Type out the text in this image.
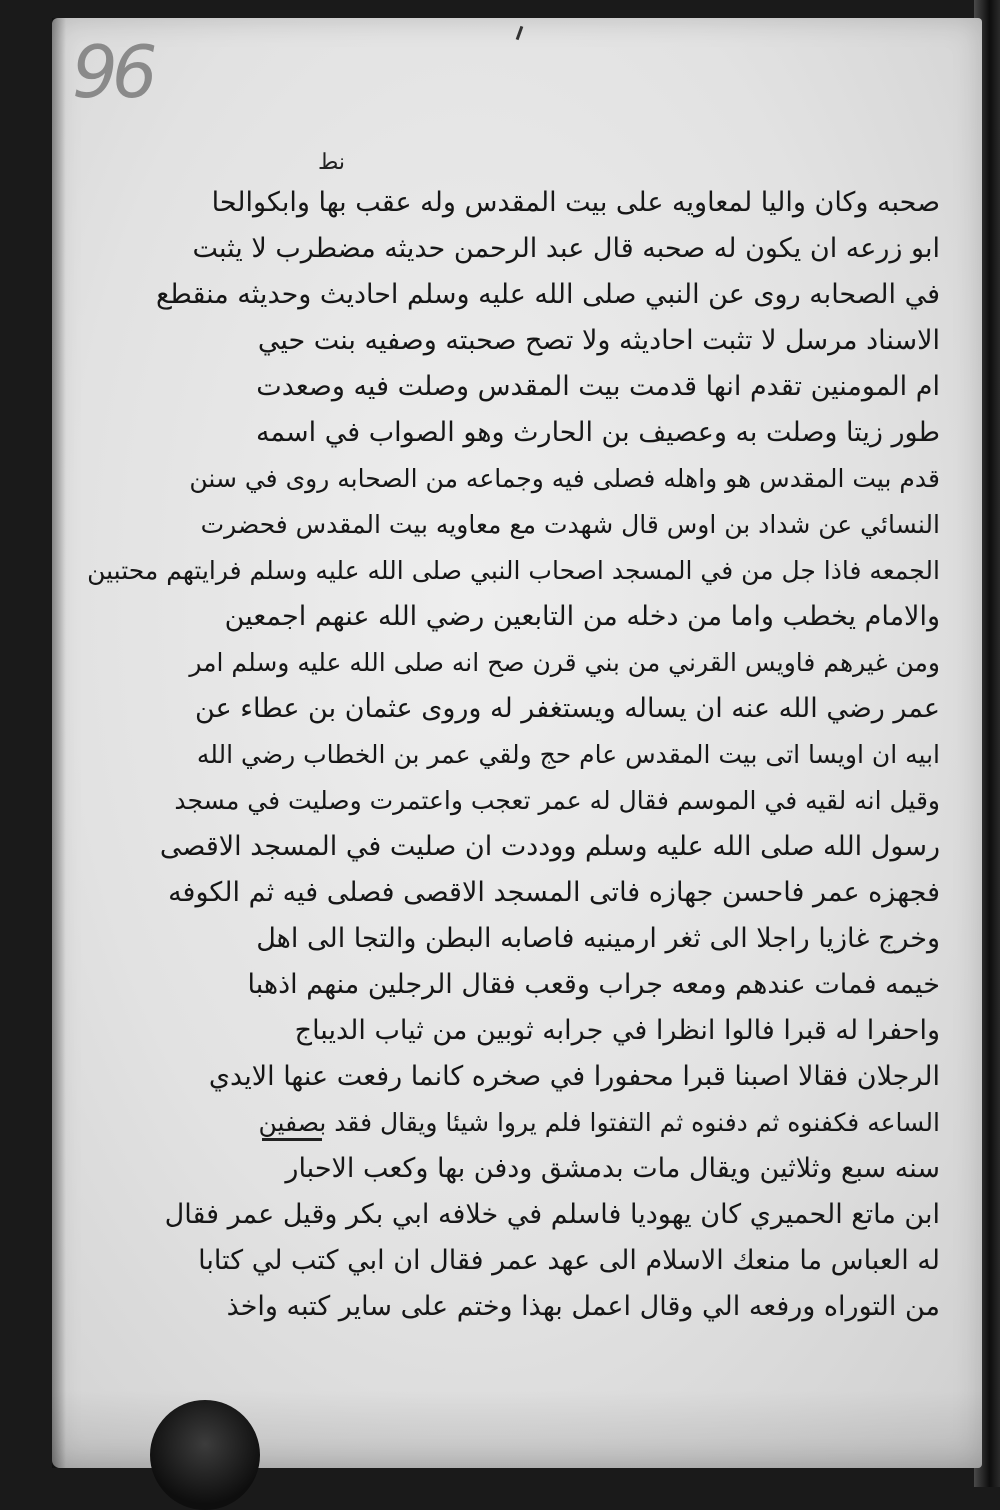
96
نط
صحبه وكان واليا لمعاويه على بيت المقدس وله عقب بها وابكوالحا
ابو زرعه ان يكون له صحبه قال عبد الرحمن حديثه مضطرب لا يثبت
في الصحابه روى عن النبي صلى الله عليه وسلم احاديث وحديثه منقطع
الاسناد مرسل لا تثبت احاديثه ولا تصح صحبته وصفيه بنت حيي
ام المومنين تقدم انها قدمت بيت المقدس وصلت فيه وصعدت
طور زيتا وصلت به وعصيف بن الحارث وهو الصواب في اسمه
قدم بيت المقدس هو واهله فصلى فيه وجماعه من الصحابه روى في سنن
النسائي عن شداد بن اوس قال شهدت مع معاويه بيت المقدس فحضرت
الجمعه فاذا جل من في المسجد اصحاب النبي صلى الله عليه وسلم فرايتهم محتبين
والامام يخطب واما من دخله من التابعين رضي الله عنهم اجمعين
ومن غيرهم فاويس القرني من بني قرن صح انه صلى الله عليه وسلم امر
عمر رضي الله عنه ان يساله ويستغفر له وروى عثمان بن عطاء عن
ابيه ان اويسا اتى بيت المقدس عام حج ولقي عمر بن الخطاب رضي الله
وقيل انه لقيه في الموسم فقال له عمر تعجب واعتمرت وصليت في مسجد
رسول الله صلى الله عليه وسلم ووددت ان صليت في المسجد الاقصى
فجهزه عمر فاحسن جهازه فاتى المسجد الاقصى فصلى فيه ثم الكوفه
وخرج غازيا راجلا الى ثغر ارمينيه فاصابه البطن والتجا الى اهل
خيمه فمات عندهم ومعه جراب وقعب فقال الرجلين منهم اذهبا
واحفرا له قبرا فالوا انظرا في جرابه ثوبين من ثياب الديباج
الرجلان فقالا اصبنا قبرا محفورا في صخره كانما رفعت عنها الايدي
الساعه فكفنوه ثم دفنوه ثم التفتوا فلم يروا شيئا ويقال فقد بصفين
سنه سبع وثلاثين ويقال مات بدمشق ودفن بها وكعب الاحبار
ابن ماتع الحميري كان يهوديا فاسلم في خلافه ابي بكر وقيل عمر فقال
له العباس ما منعك الاسلام الى عهد عمر فقال ان ابي كتب لي كتابا
من التوراه ورفعه الي وقال اعمل بهذا وختم على ساير كتبه واخذ
